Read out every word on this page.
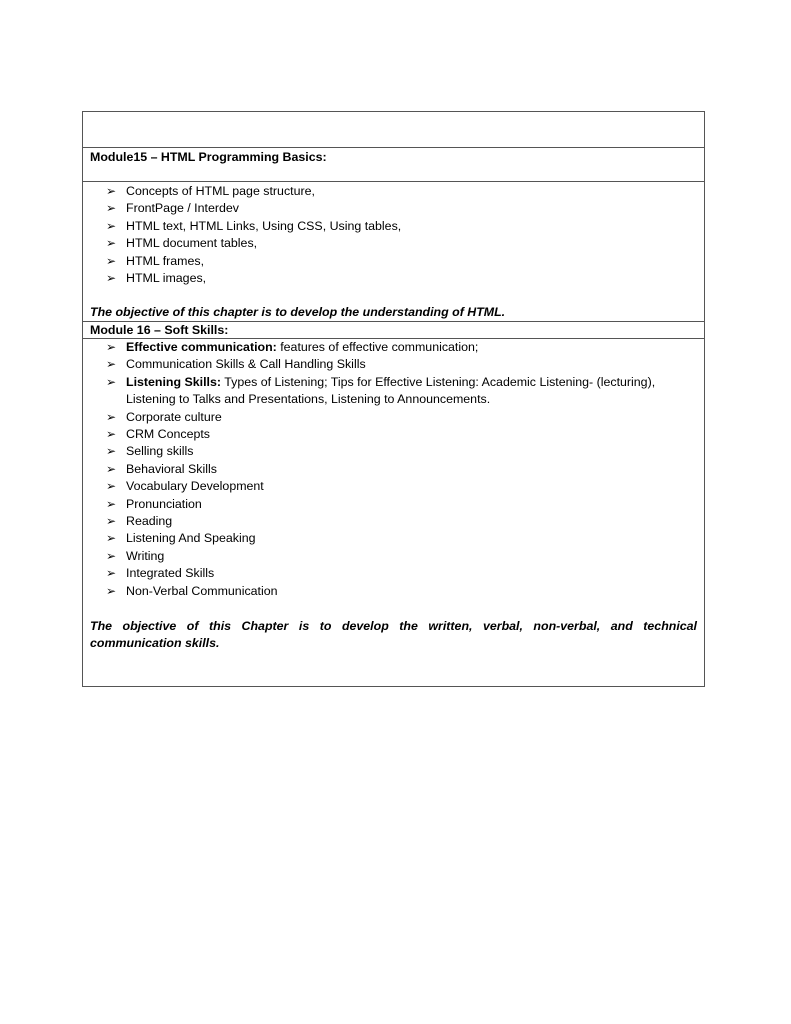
Module15 – HTML Programming Basics:
➢ Concepts of HTML page structure,
➢ FrontPage / Interdev
➢ HTML text, HTML Links, Using CSS, Using tables,
➢ HTML document tables,
➢ HTML frames,
➢ HTML images,
The objective of this chapter is to develop the understanding of HTML.
Module 16 – Soft Skills:
➢ Effective communication: features of effective communication;
➢ Communication Skills & Call Handling Skills
➢ Listening Skills: Types of Listening; Tips for Effective Listening: Academic Listening- (lecturing), Listening to Talks and Presentations, Listening to Announcements.
➢ Corporate culture
➢ CRM Concepts
➢ Selling skills
➢ Behavioral Skills
➢ Vocabulary Development
➢ Pronunciation
➢ Reading
➢ Listening And Speaking
➢ Writing
➢ Integrated Skills
➢ Non-Verbal Communication
The objective of this Chapter is to develop the written, verbal, non-verbal, and technical communication skills.
